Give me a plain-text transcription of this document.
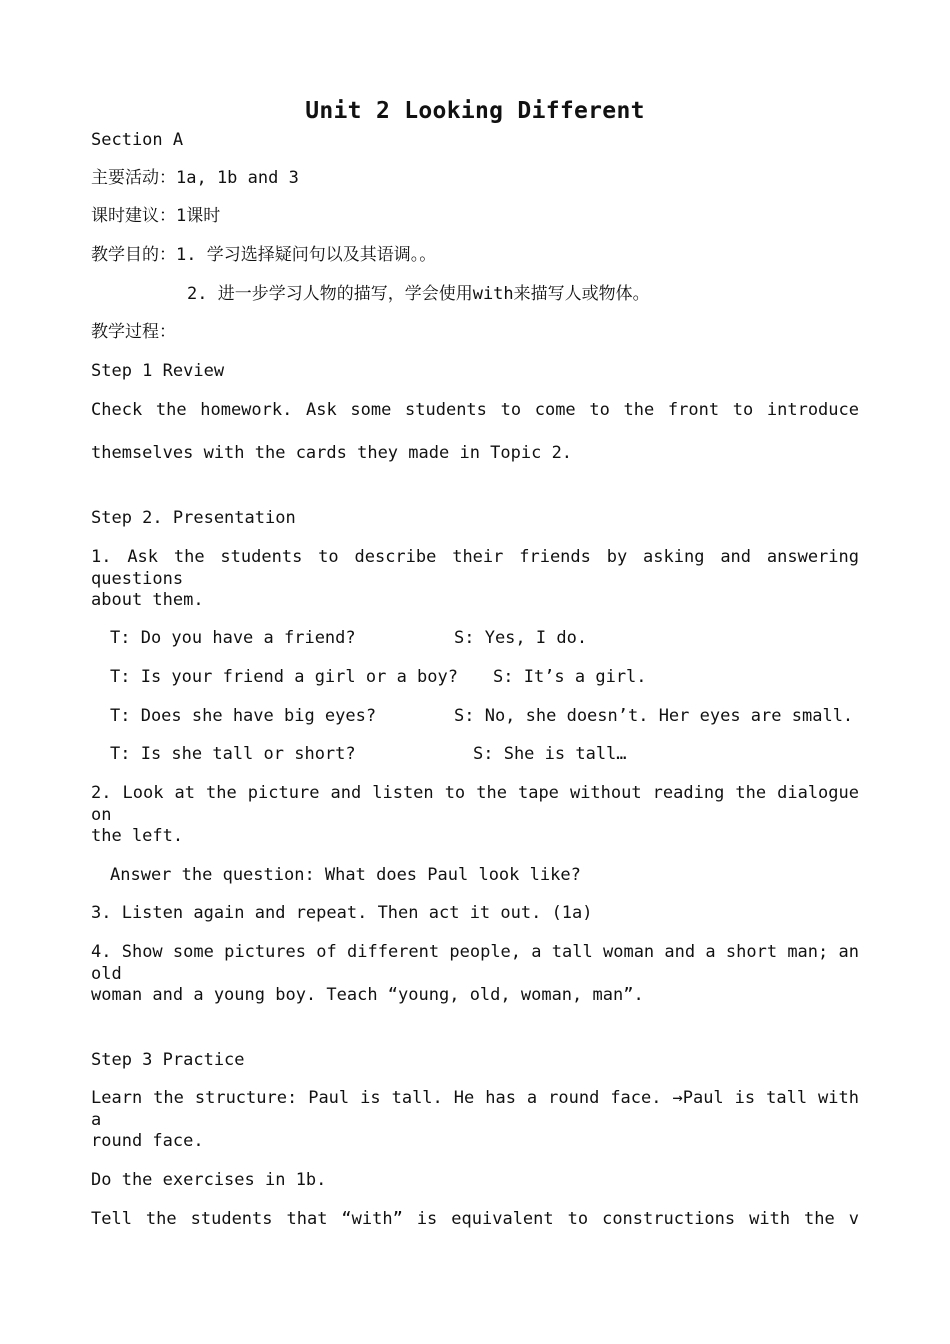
Unit 2 Looking Different
Section A
主要活动：1a, 1b and 3
课时建议：1课时
教学目的：1. 学习选择疑问句以及其语调。。
2. 进一步学习人物的描写，学会使用with来描写人或物体。
教学过程：
Step 1 Review
Check the homework. Ask some students to come to the front to introduce
themselves with the cards they made in Topic 2.
Step 2. Presentation
1. Ask the students to describe their friends by asking and answering questions
about them.
T: Do you have a friend?	S: Yes, I do.
T: Is your friend a girl or a boy? S: It’s a girl.
T: Does she have big eyes?	S: No, she doesn’t. Her eyes are small.
T: Is she tall or short?	S: She is tall…
2. Look at the picture and listen to the tape without reading the dialogue on
the left.
Answer the question: What does Paul look like?
3. Listen again and repeat. Then act it out. (1a)
4. Show some pictures of different people, a tall woman and a short man; an old
woman and a young boy. Teach “young, old, woman, man”.
Step 3 Practice
Learn the structure: Paul is tall. He has a round face. →Paul is tall with a
round face.
Do the exercises in 1b.
Tell the students that “with” is equivalent to constructions with the v
